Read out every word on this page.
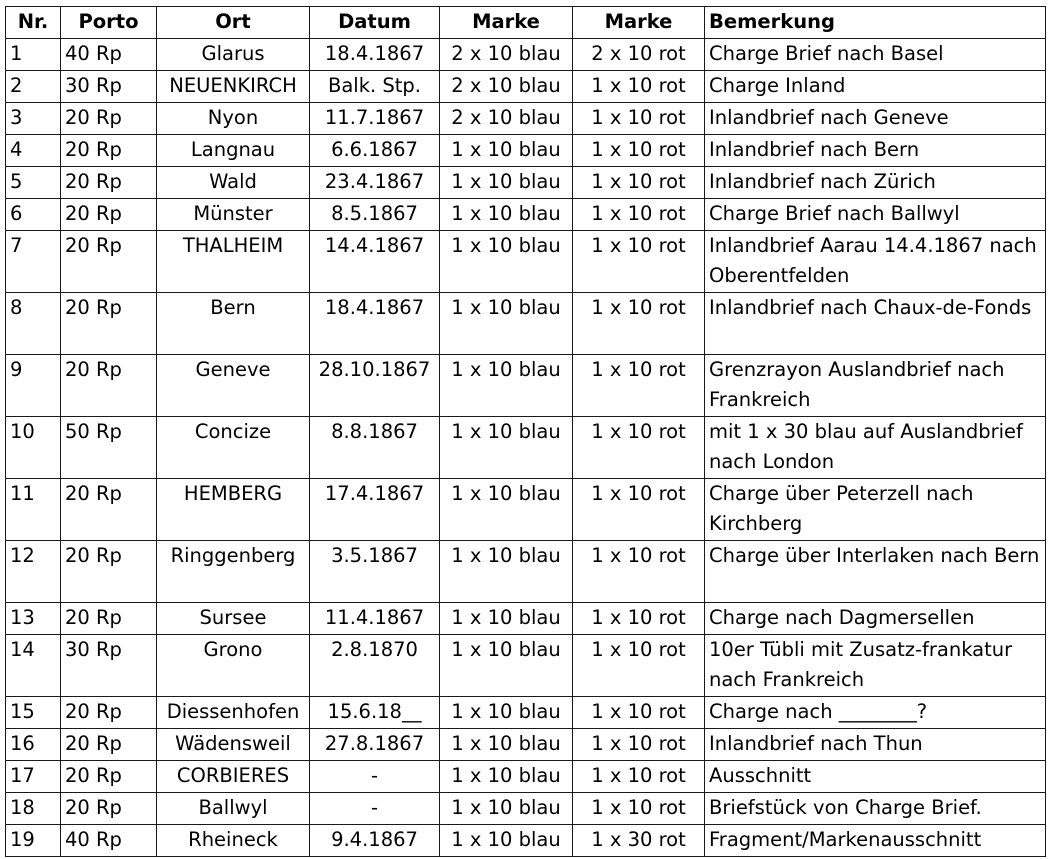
Nr.	Porto	Ort	Datum	Marke	Marke	Bemerkung
1	40 Rp	Glarus	18.4.1867	2 x 10 blau	2 x 10 rot	Charge Brief nach Basel
2	30 Rp	NEUENKIRCH	Balk. Stp.	2 x 10 blau	1 x 10 rot	Charge Inland
3	20 Rp	Nyon	11.7.1867	2 x 10 blau	1 x 10 rot	Inlandbrief nach Geneve
4	20 Rp	Langnau	6.6.1867	1 x 10 blau	1 x 10 rot	Inlandbrief nach Bern
5	20 Rp	Wald	23.4.1867	1 x 10 blau	1 x 10 rot	Inlandbrief nach Zürich
6	20 Rp	Münster	8.5.1867	1 x 10 blau	1 x 10 rot	Charge Brief nach Ballwyl
7	20 Rp	THALHEIM	14.4.1867	1 x 10 blau	1 x 10 rot	Inlandbrief Aarau 14.4.1867 nach Oberentfelden
8	20 Rp	Bern	18.4.1867	1 x 10 blau	1 x 10 rot	Inlandbrief nach Chaux-de-Fonds
9	20 Rp	Geneve	28.10.1867	1 x 10 blau	1 x 10 rot	Grenzrayon Auslandbrief nach Frankreich
10	50 Rp	Concize	8.8.1867	1 x 10 blau	1 x 10 rot	mit 1 x 30 blau auf Auslandbrief nach London
11	20 Rp	HEMBERG	17.4.1867	1 x 10 blau	1 x 10 rot	Charge über Peterzell nach Kirchberg
12	20 Rp	Ringgenberg	3.5.1867	1 x 10 blau	1 x 10 rot	Charge über Interlaken nach Bern
13	20 Rp	Sursee	11.4.1867	1 x 10 blau	1 x 10 rot	Charge nach Dagmersellen
14	30 Rp	Grono	2.8.1870	1 x 10 blau	1 x 10 rot	10er Tübli mit Zusatz-frankatur nach Frankreich
15	20 Rp	Diessenhofen	15.6.18__	1 x 10 blau	1 x 10 rot	Charge nach ________?
16	20 Rp	Wädensweil	27.8.1867	1 x 10 blau	1 x 10 rot	Inlandbrief nach Thun
17	20 Rp	CORBIERES	-	1 x 10 blau	1 x 10 rot	Ausschnitt
18	20 Rp	Ballwyl	-	1 x 10 blau	1 x 10 rot	Briefstück von Charge Brief.
19	40 Rp	Rheineck	9.4.1867	1 x 10 blau	1 x 30 rot	Fragment/Markenausschnitt
